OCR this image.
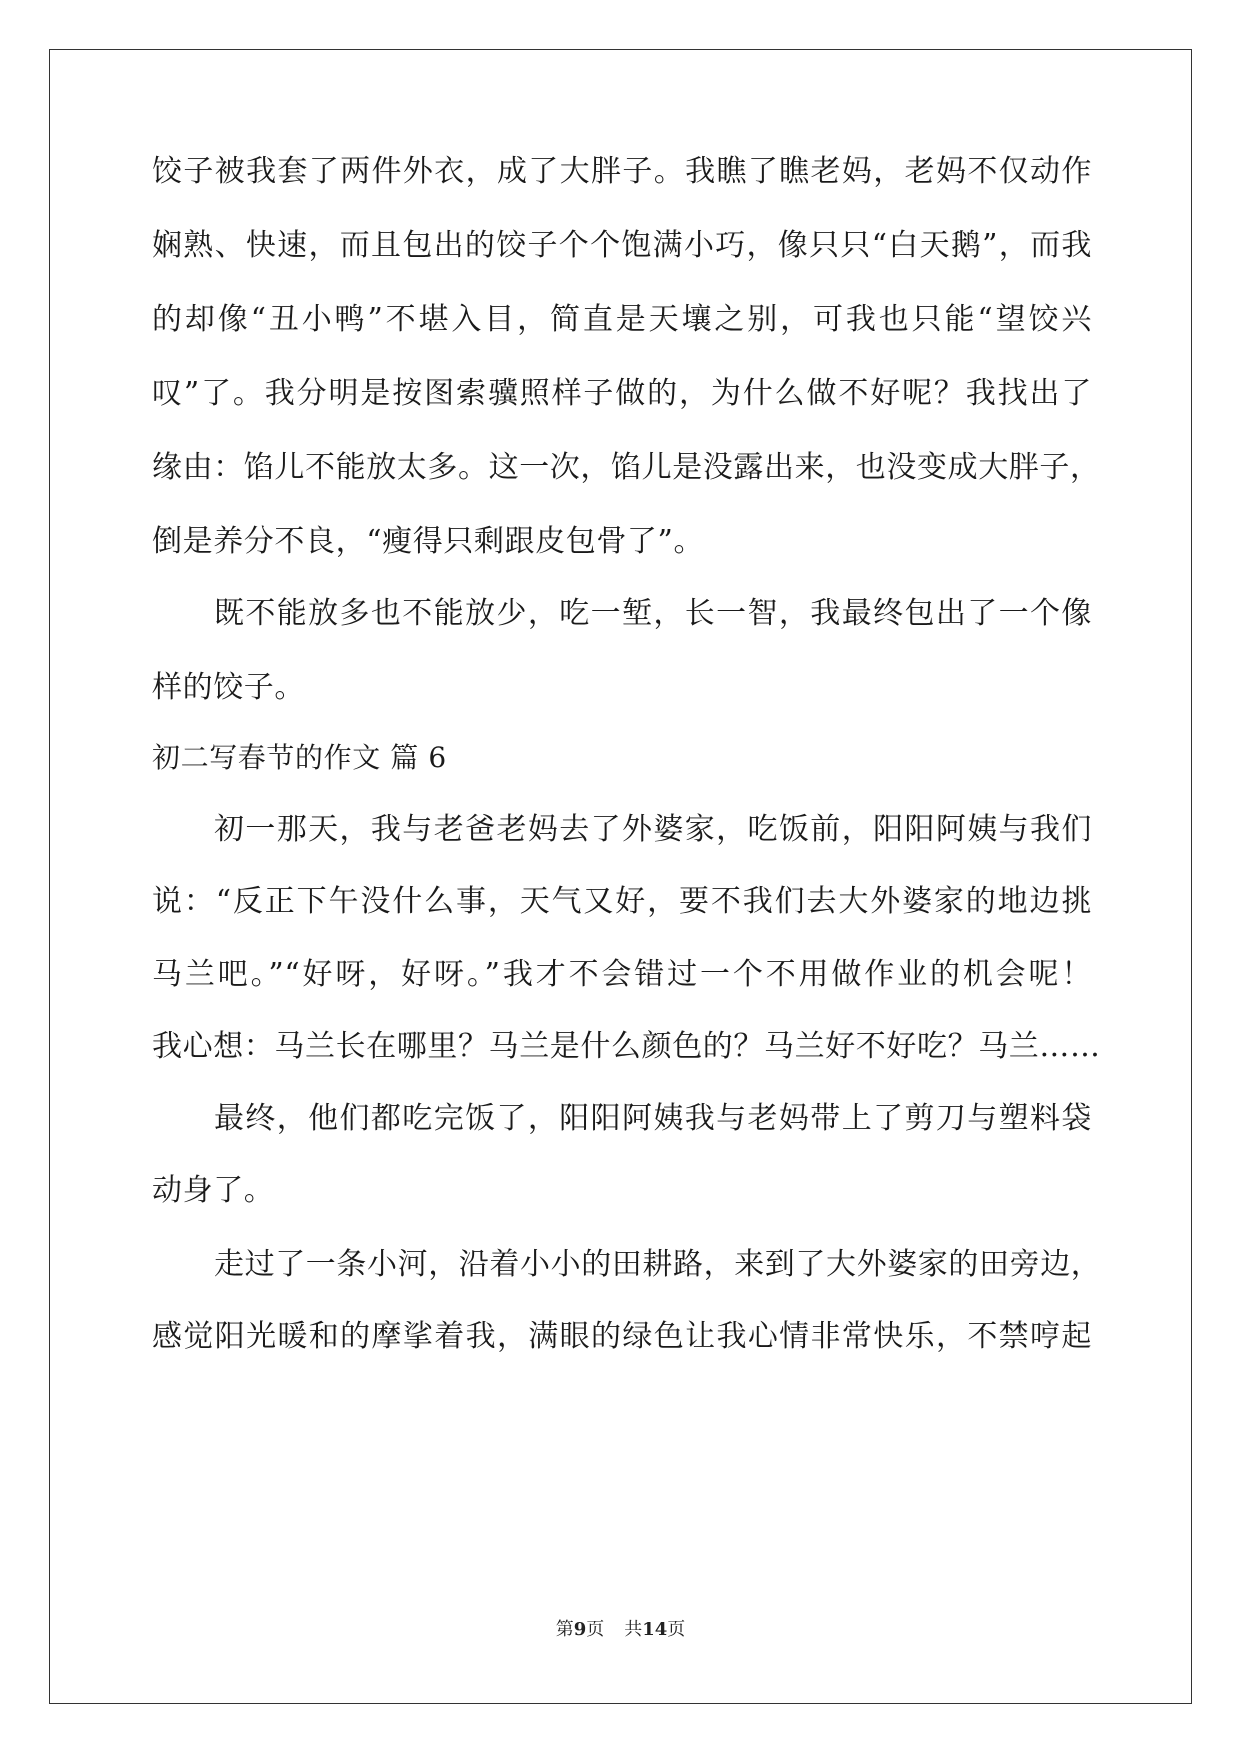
饺子被我套了两件外衣，成了大胖子。我瞧了瞧老妈，老妈不仅动作
娴熟、快速，而且包出的饺子个个饱满小巧，像只只“白天鹅”，而我
的却像“丑小鸭”不堪入目，简直是天壤之别，可我也只能“望饺兴
叹”了。我分明是按图索骥照样子做的，为什么做不好呢？我找出了
缘由：馅儿不能放太多。这一次，馅儿是没露出来，也没变成大胖子，
倒是养分不良，“瘦得只剩跟皮包骨了”。
既不能放多也不能放少，吃一堑，长一智，我最终包出了一个像
样的饺子。
初二写春节的作文 篇 6
初一那天，我与老爸老妈去了外婆家，吃饭前，阳阳阿姨与我们
说：“反正下午没什么事，天气又好，要不我们去大外婆家的地边挑
马兰吧。”“好呀，好呀。”我才不会错过一个不用做作业的机会呢！
我心想：马兰长在哪里？马兰是什么颜色的？马兰好不好吃？马兰……
最终，他们都吃完饭了，阳阳阿姨我与老妈带上了剪刀与塑料袋
动身了。
走过了一条小河，沿着小小的田耕路，来到了大外婆家的田旁边，
感觉阳光暖和的摩挲着我，满眼的绿色让我心情非常快乐，不禁哼起
第9页 共14页
